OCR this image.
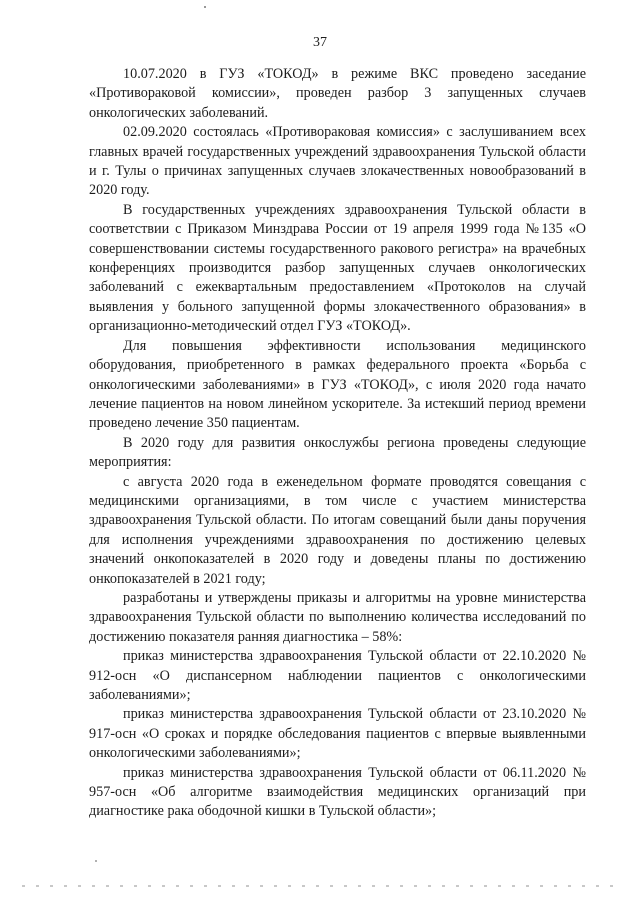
37

10.07.2020 в ГУЗ «ТОКОД» в режиме ВКС проведено заседание «Противораковой комиссии», проведен разбор 3 запущенных случаев онкологических заболеваний.

02.09.2020 состоялась «Противораковая комиссия» с заслушиванием всех главных врачей государственных учреждений здравоохранения Тульской области и г. Тулы о причинах запущенных случаев злокачественных новообразований в 2020 году.

В государственных учреждениях здравоохранения Тульской области в соответствии с Приказом Минздрава России от 19 апреля 1999 года №135 «О совершенствовании системы государственного ракового регистра» на врачебных конференциях производится разбор запущенных случаев онкологических заболеваний с ежеквартальным предоставлением «Протоколов на случай выявления у больного запущенной формы злокачественного образования» в организационно-методический отдел ГУЗ «ТОКОД».

Для повышения эффективности использования медицинского оборудования, приобретенного в рамках федерального проекта «Борьба с онкологическими заболеваниями» в ГУЗ «ТОКОД», с июля 2020 года начато лечение пациентов на новом линейном ускорителе. За истекший период времени проведено лечение 350 пациентам.

В 2020 году для развития онкослужбы региона проведены следующие мероприятия:

с августа 2020 года в еженедельном формате проводятся совещания с медицинскими организациями, в том числе с участием министерства здравоохранения Тульской области. По итогам совещаний были даны поручения для исполнения учреждениями здравоохранения по достижению целевых значений онкопоказателей в 2020 году и доведены планы по достижению онкопоказателей в 2021 году;

разработаны и утверждены приказы и алгоритмы на уровне министерства здравоохранения Тульской области по выполнению количества исследований по достижению показателя ранняя диагностика – 58%:

приказ министерства здравоохранения Тульской области от 22.10.2020 № 912-осн «О диспансерном наблюдении пациентов с онкологическими заболеваниями»;

приказ министерства здравоохранения Тульской области от 23.10.2020 № 917-осн «О сроках и порядке обследования пациентов с впервые выявленными онкологическими заболеваниями»;

приказ министерства здравоохранения Тульской области от 06.11.2020 № 957-осн «Об алгоритме взаимодействия медицинских организаций при диагностике рака ободочной кишки в Тульской области»;
